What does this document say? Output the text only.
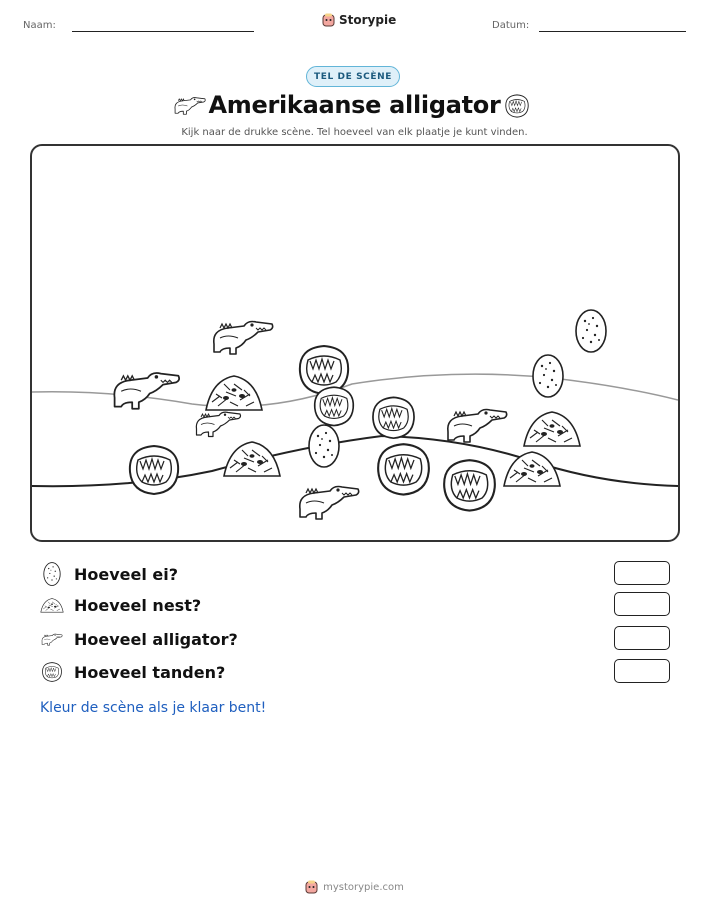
Naam:	Storypie	Datum:
TEL DE SCÈNE
Amerikaanse alligator
Kijk naar de drukke scène. Tel hoeveel van elk plaatje je kunt vinden.
Hoeveel ei?
Hoeveel nest?
Hoeveel alligator?
Hoeveel tanden?
Kleur de scène als je klaar bent!
mystorypie.com
